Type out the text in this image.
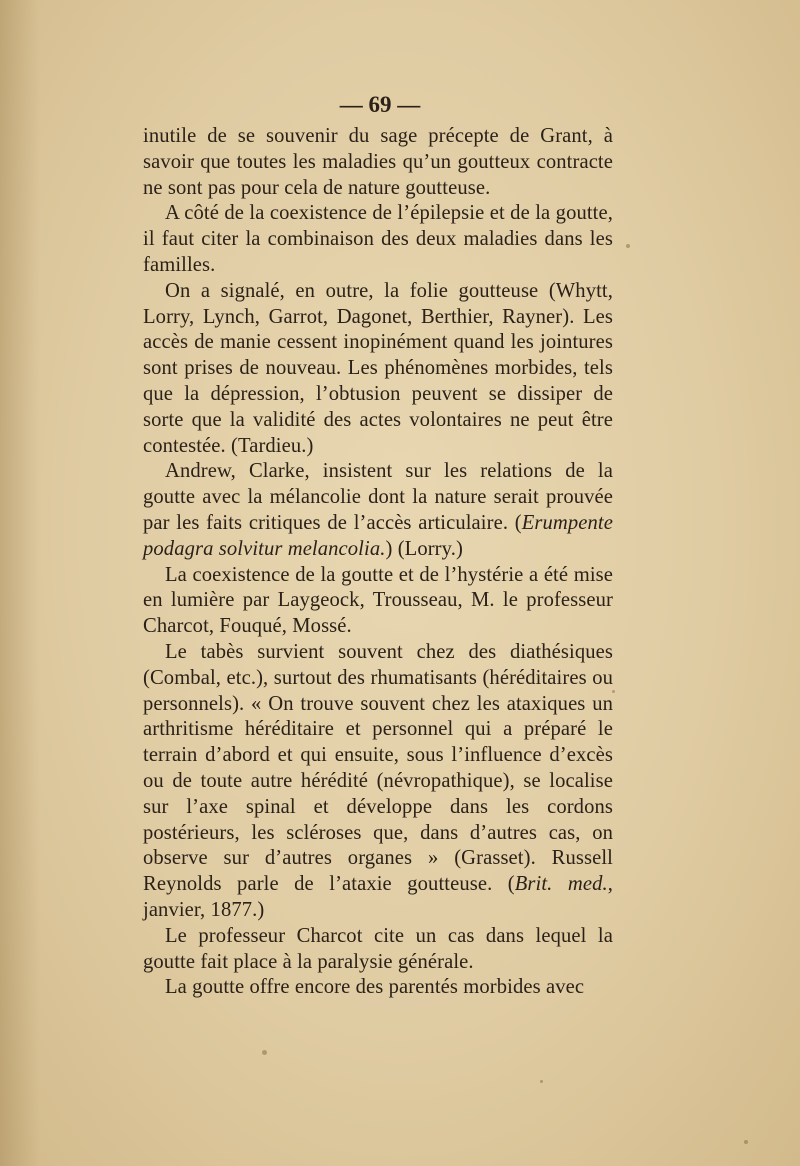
— 69 —

inutile de se souvenir du sage précepte de Grant, à savoir que toutes les maladies qu’un goutteux contracte ne sont pas pour cela de nature goutteuse.

A côté de la coexistence de l’épilepsie et de la goutte, il faut citer la combinaison des deux maladies dans les familles.

On a signalé, en outre, la folie goutteuse (Whytt, Lorry, Lynch, Garrot, Dagonet, Berthier, Rayner). Les accès de manie cessent inopinément quand les jointures sont prises de nouveau. Les phénomènes morbides, tels que la dépression, l’obtusion peuvent se dissiper de sorte que la validité des actes volontaires ne peut être contestée. (Tardieu.)

Andrew, Clarke, insistent sur les relations de la goutte avec la mélancolie dont la nature serait prouvée par les faits critiques de l’accès articulaire. (Erumpente podagra solvitur melancolia.) (Lorry.)

La coexistence de la goutte et de l’hystérie a été mise en lumière par Laygeock, Trousseau, M. le professeur Charcot, Fouqué, Mossé.

Le tabès survient souvent chez des diathésiques (Combal, etc.), surtout des rhumatisants (héréditaires ou personnels). « On trouve souvent chez les ataxiques un arthritisme héréditaire et personnel qui a préparé le terrain d’abord et qui ensuite, sous l’influence d’excès ou de toute autre hérédité (névropathique), se localise sur l’axe spinal et développe dans les cordons postérieurs, les scléroses que, dans d’autres cas, on observe sur d’autres organes » (Grasset). Russell Reynolds parle de l’ataxie goutteuse. (Brit. med., janvier, 1877.)

Le professeur Charcot cite un cas dans lequel la goutte fait place à la paralysie générale.

La goutte offre encore des parentés morbides avec
